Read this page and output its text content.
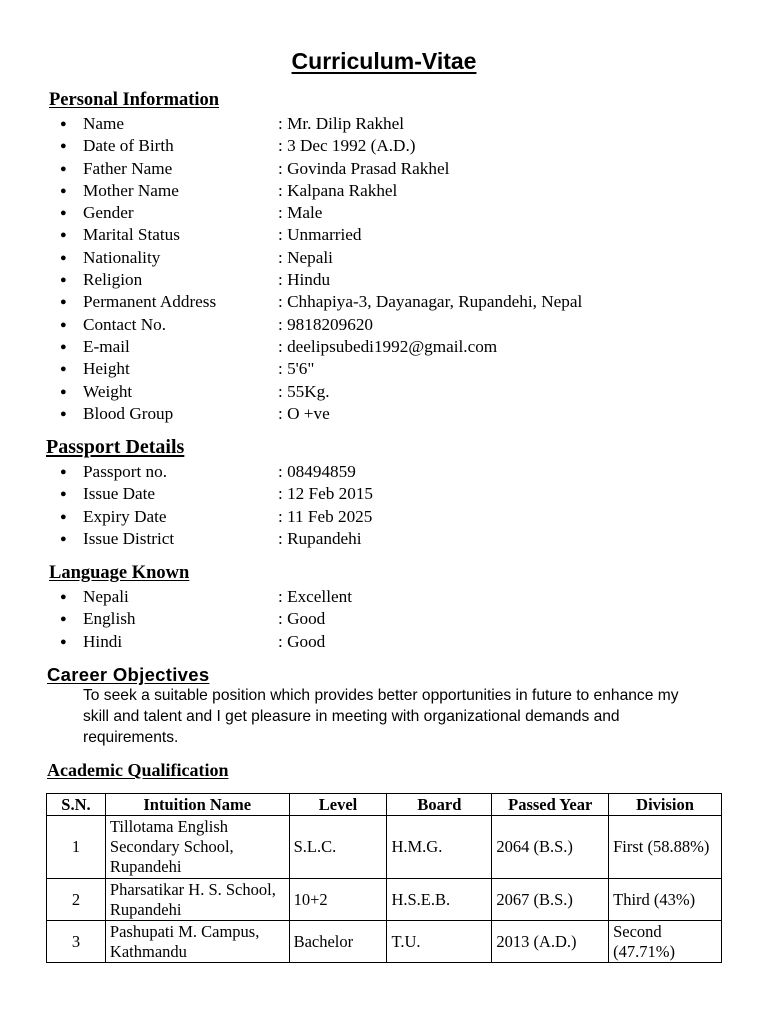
Curriculum-Vitae
Personal Information
● Name	: Mr. Dilip Rakhel
● Date of Birth	: 3 Dec 1992 (A.D.)
● Father Name	: Govinda Prasad Rakhel
● Mother Name	: Kalpana Rakhel
● Gender	: Male
● Marital Status	: Unmarried
● Nationality	: Nepali
● Religion	: Hindu
● Permanent Address	: Chhapiya-3, Dayanagar, Rupandehi, Nepal
● Contact No.	: 9818209620
● E-mail	: deelipsubedi1992@gmail.com
● Height	: 5'6"
● Weight	: 55Kg.
● Blood Group	: O +ve
Passport Details
● Passport no.	: 08494859
● Issue Date	: 12 Feb 2015
● Expiry Date	: 11 Feb 2025
● Issue District	: Rupandehi
Language Known
● Nepali	: Excellent
● English	: Good
● Hindi	: Good
Career Objectives
To seek a suitable position which provides better opportunities in future to enhance my skill and talent and I get pleasure in meeting with organizational demands and requirements.
Academic Qualification
S.N.	Intuition Name	Level	Board	Passed Year	Division
1	Tillotama English Secondary School, Rupandehi	S.L.C.	H.M.G.	2064 (B.S.)	First (58.88%)
2	Pharsatikar H. S. School, Rupandehi	10+2	H.S.E.B.	2067 (B.S.)	Third (43%)
3	Pashupati M. Campus, Kathmandu	Bachelor	T.U.	2013 (A.D.)	Second (47.71%)
